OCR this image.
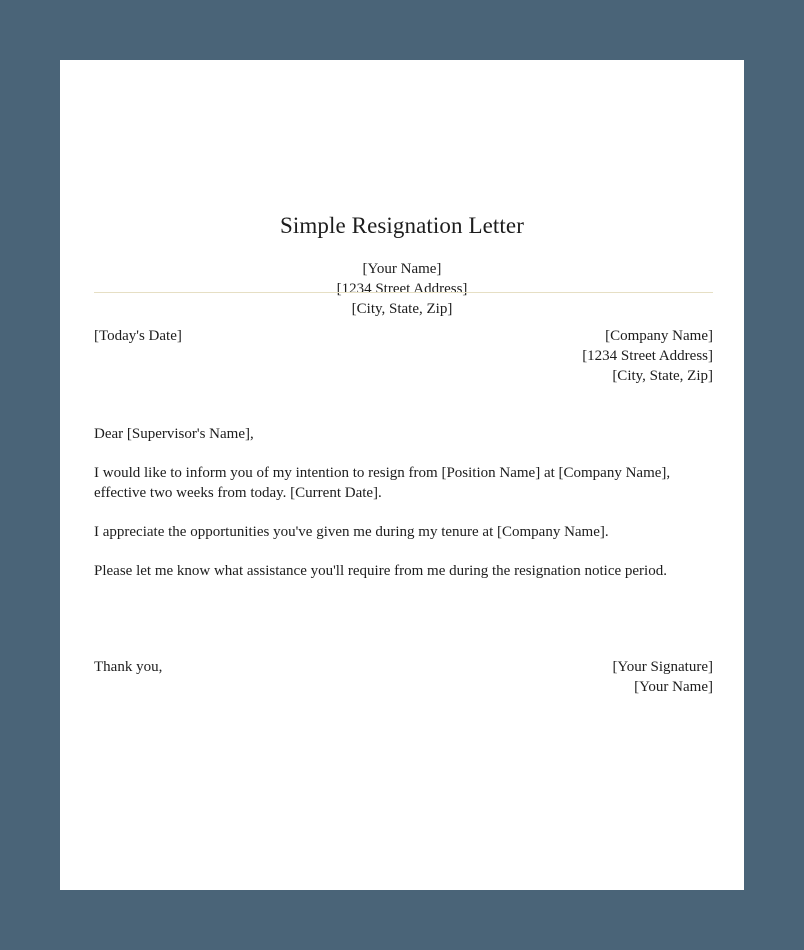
Simple Resignation Letter
[Your Name]
[1234 Street Address]
[City, State, Zip]
[Today's Date]	[Company Name]
[1234 Street Address]
[City, State, Zip]

Dear [Supervisor's Name],

I would like to inform you of my intention to resign from [Position Name] at [Company Name], effective two weeks from today. [Current Date].

I appreciate the opportunities you've given me during my tenure at [Company Name].

Please let me know what assistance you'll require from me during the resignation notice period.

Thank you,	[Your Signature]
[Your Name]
